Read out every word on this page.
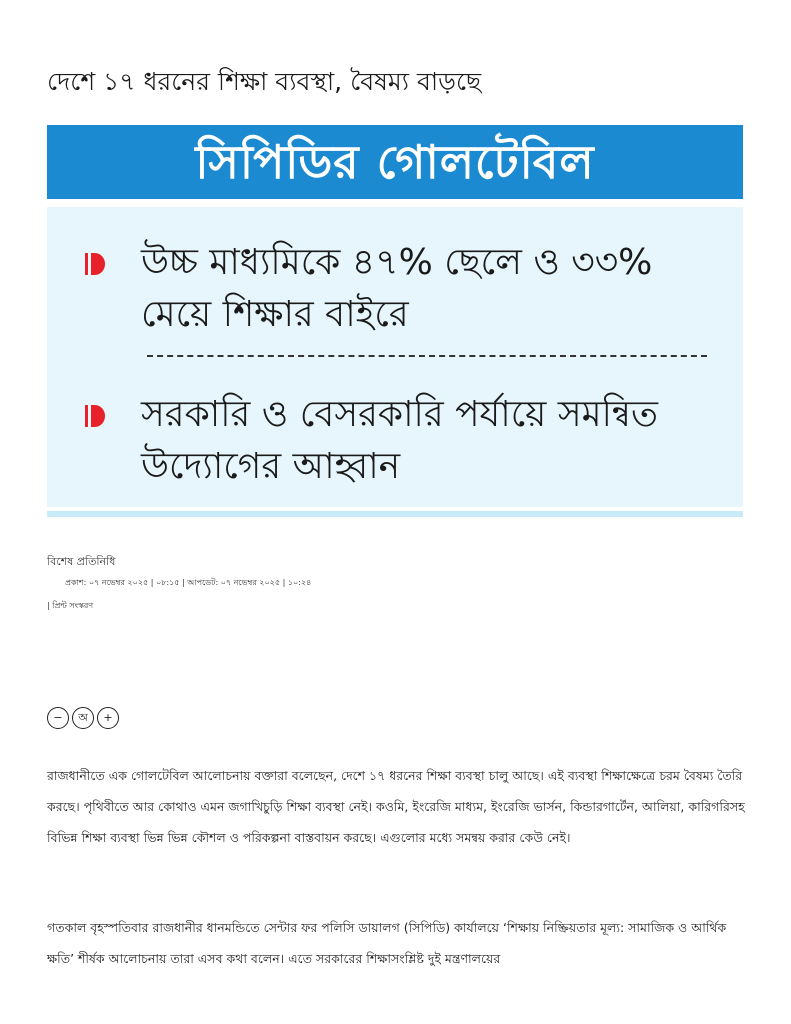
দেশে ১৭ ধরনের শিক্ষা ব্যবস্থা, বৈষম্য বাড়ছে
সিপিডির গোলটেবিল
উচ্চ মাধ্যমিকে ৪৭% ছেলে ও ৩৩% মেয়ে শিক্ষার বাইরে
সরকারি ও বেসরকারি পর্যায়ে সমন্বিত উদ্যোগের আহ্বান
বিশেষ প্রতিনিধি
প্রকাশ: ০৭ নভেম্বর ২০২৫ | ০৮:১৫ | আপডেট: ০৭ নভেম্বর ২০২৫ | ১০:২৪
| প্রিন্ট সংস্করণ
−	অ	+

রাজধানীতে এক গোলটেবিল আলোচনায় বক্তারা বলেছেন, দেশে ১৭ ধরনের শিক্ষা ব্যবস্থা চালু আছে। এই ব্যবস্থা শিক্ষাক্ষেত্রে চরম বৈষম্য তৈরি করছে। পৃথিবীতে আর কোথাও এমন জগাখিচুড়ি শিক্ষা ব্যবস্থা নেই। কওমি, ইংরেজি মাধ্যম, ইংরেজি ভার্সন, কিন্ডারগার্টেন, আলিয়া, কারিগরিসহ বিভিন্ন শিক্ষা ব্যবস্থা ভিন্ন ভিন্ন কৌশল ও পরিকল্পনা বাস্তবায়ন করছে। এগুলোর মধ্যে সমন্বয় করার কেউ নেই।

গতকাল বৃহস্পতিবার রাজধানীর ধানমন্ডিতে সেন্টার ফর পলিসি ডায়ালগ (সিপিডি) কার্যালয়ে ‘শিক্ষায় নিষ্ক্রিয়তার মূল্য: সামাজিক ও আর্থিক ক্ষতি’ শীর্ষক আলোচনায় তারা এসব কথা বলেন। এতে সরকারের শিক্ষাসংশ্লিষ্ট দুই মন্ত্রণালয়ের
